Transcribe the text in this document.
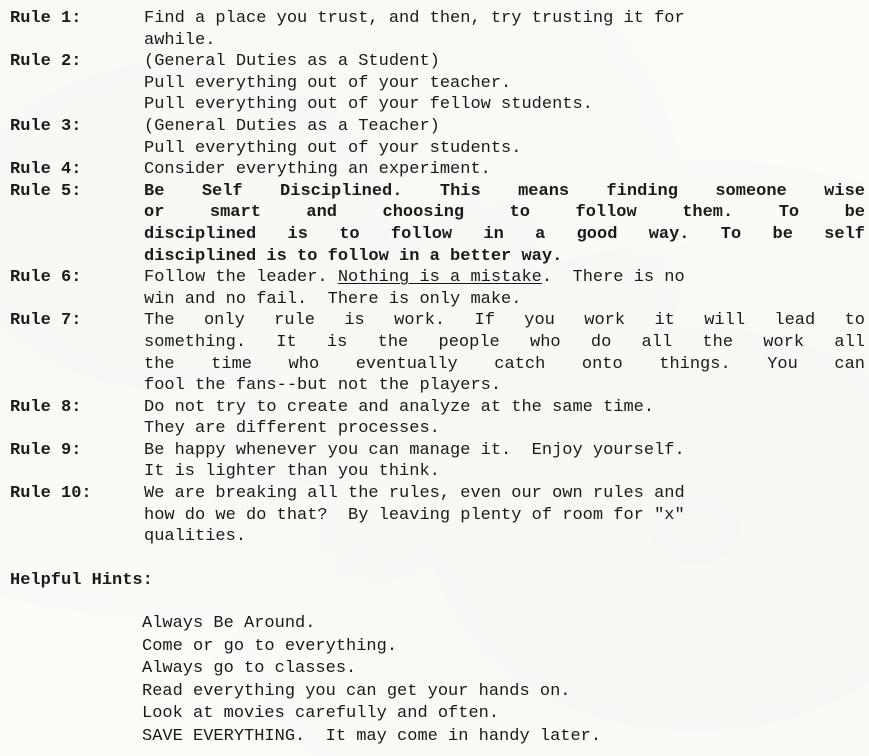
Rule 1:	Find a place you trust, and then, try trusting it for
awhile.
Rule 2:	(General Duties as a Student)
Pull everything out of your teacher.
Pull everything out of your fellow students.
Rule 3:	(General Duties as a Teacher)
Pull everything out of your students.
Rule 4:	Consider everything an experiment.
Rule 5:	Be Self Disciplined. This means finding someone wise
or smart and choosing to follow them. To be
disciplined is to follow in a good way. To be self
disciplined is to follow in a better way.
Rule 6:	Follow the leader. Nothing is a mistake.  There is no
win and no fail.  There is only make.
Rule 7:	The only rule is work. If you work it will lead to
something. It is the people who do all the work all
the time who eventually catch onto things. You can
fool the fans--but not the players.
Rule 8:	Do not try to create and analyze at the same time.
They are different processes.
Rule 9:	Be happy whenever you can manage it.  Enjoy yourself.
It is lighter than you think.
Rule 10:	We are breaking all the rules, even our own rules and
how do we do that?  By leaving plenty of room for "x"
qualities.
Helpful Hints:
Always Be Around.
Come or go to everything.
Always go to classes.
Read everything you can get your hands on.
Look at movies carefully and often.
SAVE EVERYTHING.  It may come in handy later.
